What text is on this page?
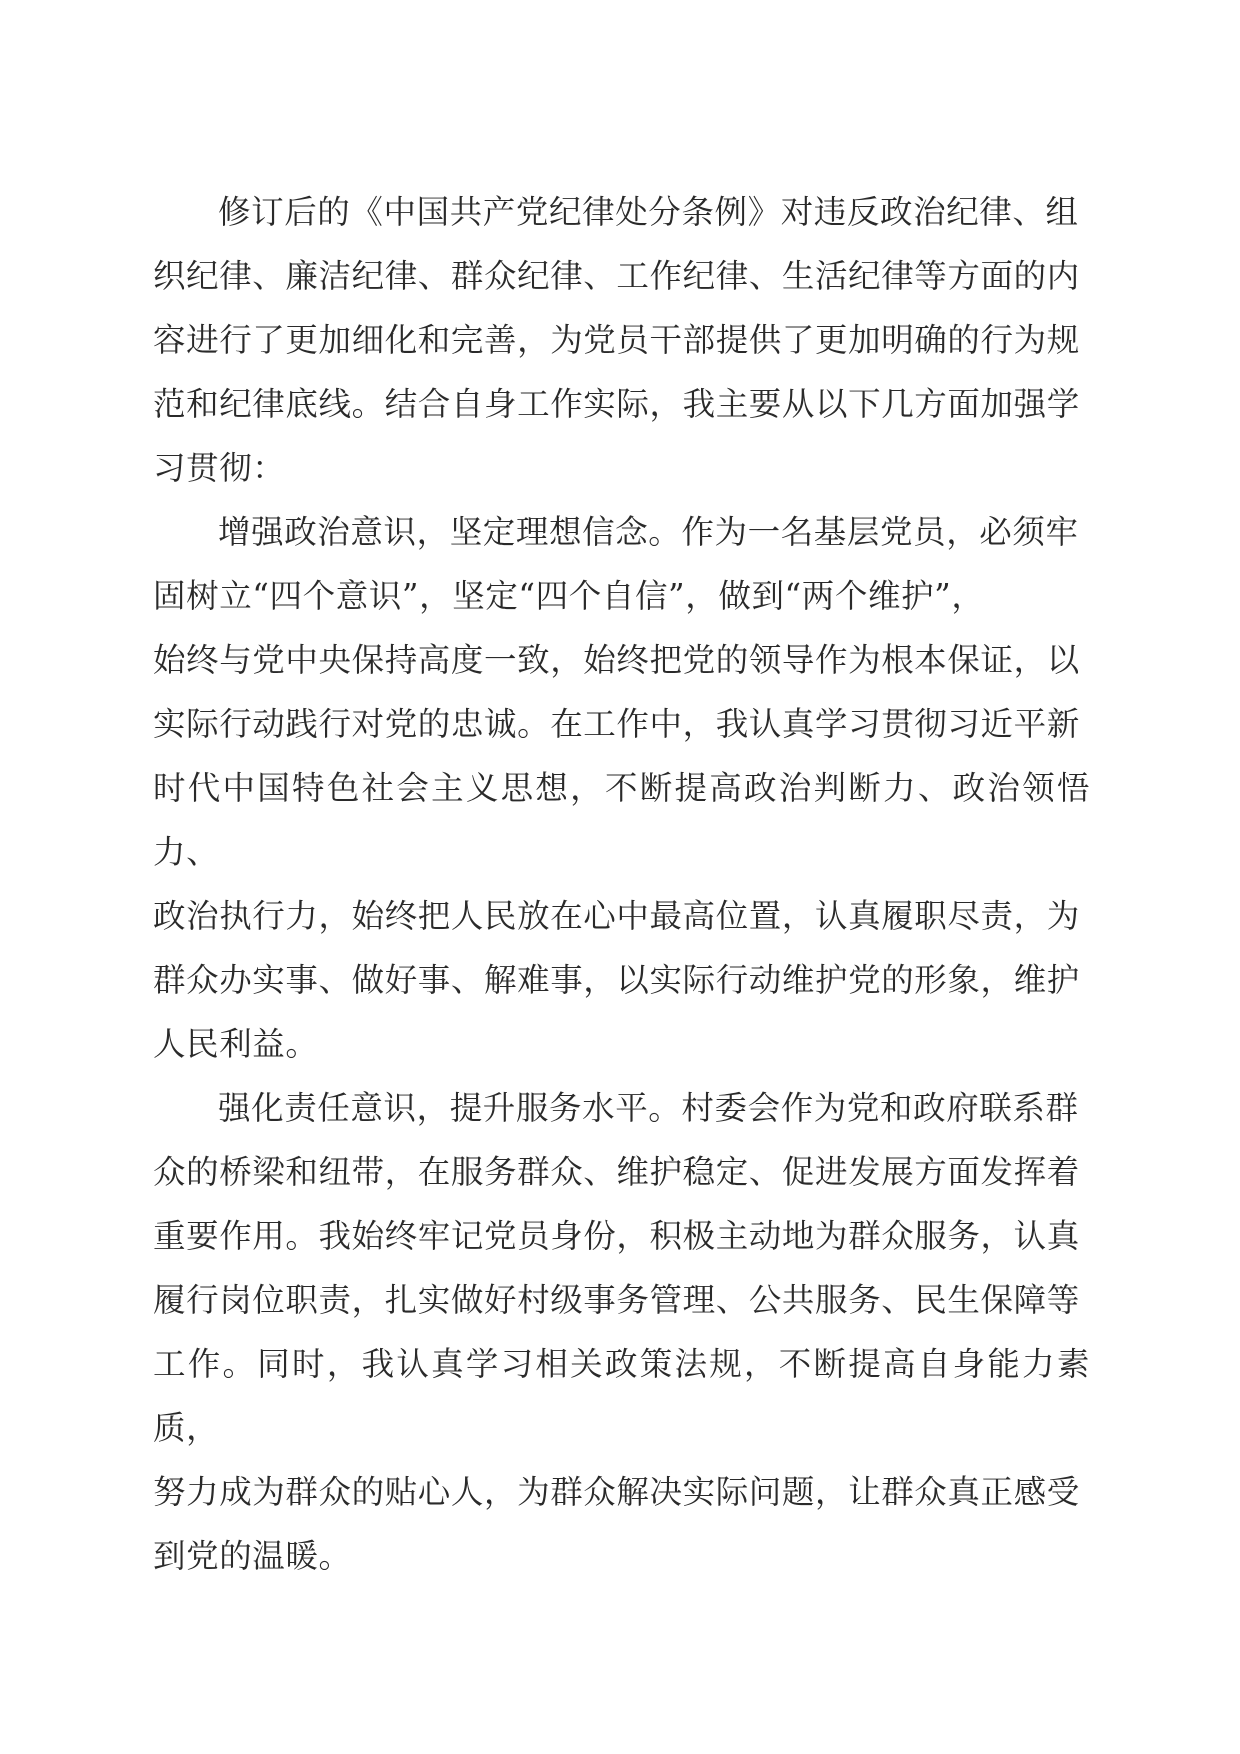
修订后的《中国共产党纪律处分条例》对违反政治纪律、组
织纪律、廉洁纪律、群众纪律、工作纪律、生活纪律等方面的内
容进行了更加细化和完善，为党员干部提供了更加明确的行为规
范和纪律底线。结合自身工作实际，我主要从以下几方面加强学
习贯彻：

增强政治意识，坚定理想信念。作为一名基层党员，必须牢
固树立“四个意识”，坚定“四个自信”，做到“两个维护”，
始终与党中央保持高度一致，始终把党的领导作为根本保证，以
实际行动践行对党的忠诚。在工作中，我认真学习贯彻习近平新
时代中国特色社会主义思想，不断提高政治判断力、政治领悟力、
政治执行力，始终把人民放在心中最高位置，认真履职尽责，为
群众办实事、做好事、解难事，以实际行动维护党的形象，维护
人民利益。

强化责任意识，提升服务水平。村委会作为党和政府联系群
众的桥梁和纽带，在服务群众、维护稳定、促进发展方面发挥着
重要作用。我始终牢记党员身份，积极主动地为群众服务，认真
履行岗位职责，扎实做好村级事务管理、公共服务、民生保障等
工作。同时，我认真学习相关政策法规，不断提高自身能力素质，
努力成为群众的贴心人，为群众解决实际问题，让群众真正感受
到党的温暖。
